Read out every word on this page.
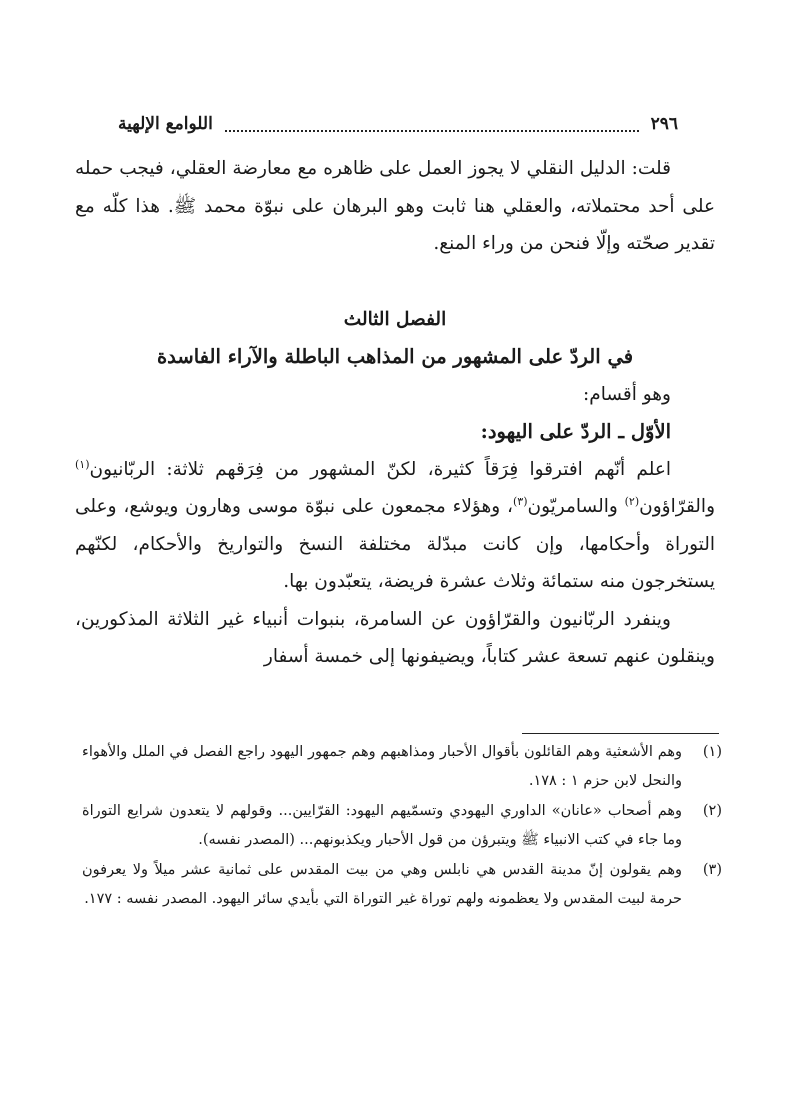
٢٩٦
اللوامع الإلهية

قلت: الدليل النقلي لا يجوز العمل على ظاهره مع معارضة العقلي، فيجب حمله على أحد محتملاته، والعقلي هنا ثابت وهو البرهان على نبوّة محمد ﷺ. هذا كلّه مع تقدير صحّته وإلّا فنحن من وراء المنع.

الفصل الثالث

في الردّ على المشهور من المذاهب الباطلة والآراء الفاسدة

وهو أقسام:

الأوّل ـ الردّ على اليهود:

اعلم أنّهم افترقوا فِرَقاً كثيرة، لكنّ المشهور من فِرَقهم ثلاثة: الربّانيون$^{(١)}$ والقرّاؤون$^{(٢)}$ والسامريّون$^{(٣)}$، وهؤلاء مجمعون على نبوّة موسى وهارون ويوشع، وعلى التوراة وأحكامها، وإن كانت مبدّلة مختلفة النسخ والتواريخ والأحكام، لكنّهم يستخرجون منه ستمائة وثلاث عشرة فريضة، يتعبّدون بها.

وينفرد الربّانيون والقرّاؤون عن السامرة، بنبوات أنبياء غير الثلاثة المذكورين، وينقلون عنهم تسعة عشر كتاباً، ويضيفونها إلى خمسة أسفار

(١)
وهم الأشعثية وهم القائلون بأقوال الأحبار ومذاهبهم وهم جمهور اليهود راجع الفصل في الملل والأهواء والنحل لابن حزم ١ : ١٧٨.
(٢)
وهم أصحاب «عانان» الداوري اليهودي وتسمّيهم اليهود: القرّايين... وقولهم لا يتعدون شرايع التوراة وما جاء في كتب الانبياء ﷺ ويتبرؤن من قول الأحبار ويكذبونهم... (المصدر نفسه).
(٣)
وهم يقولون إنّ مدينة القدس هي نابلس وهي من بيت المقدس على ثمانية عشر ميلاً ولا يعرفون حرمة لبيت المقدس ولا يعظمونه ولهم توراة غير التوراة التي بأيدي سائر اليهود. المصدر نفسه : ١٧٧.
